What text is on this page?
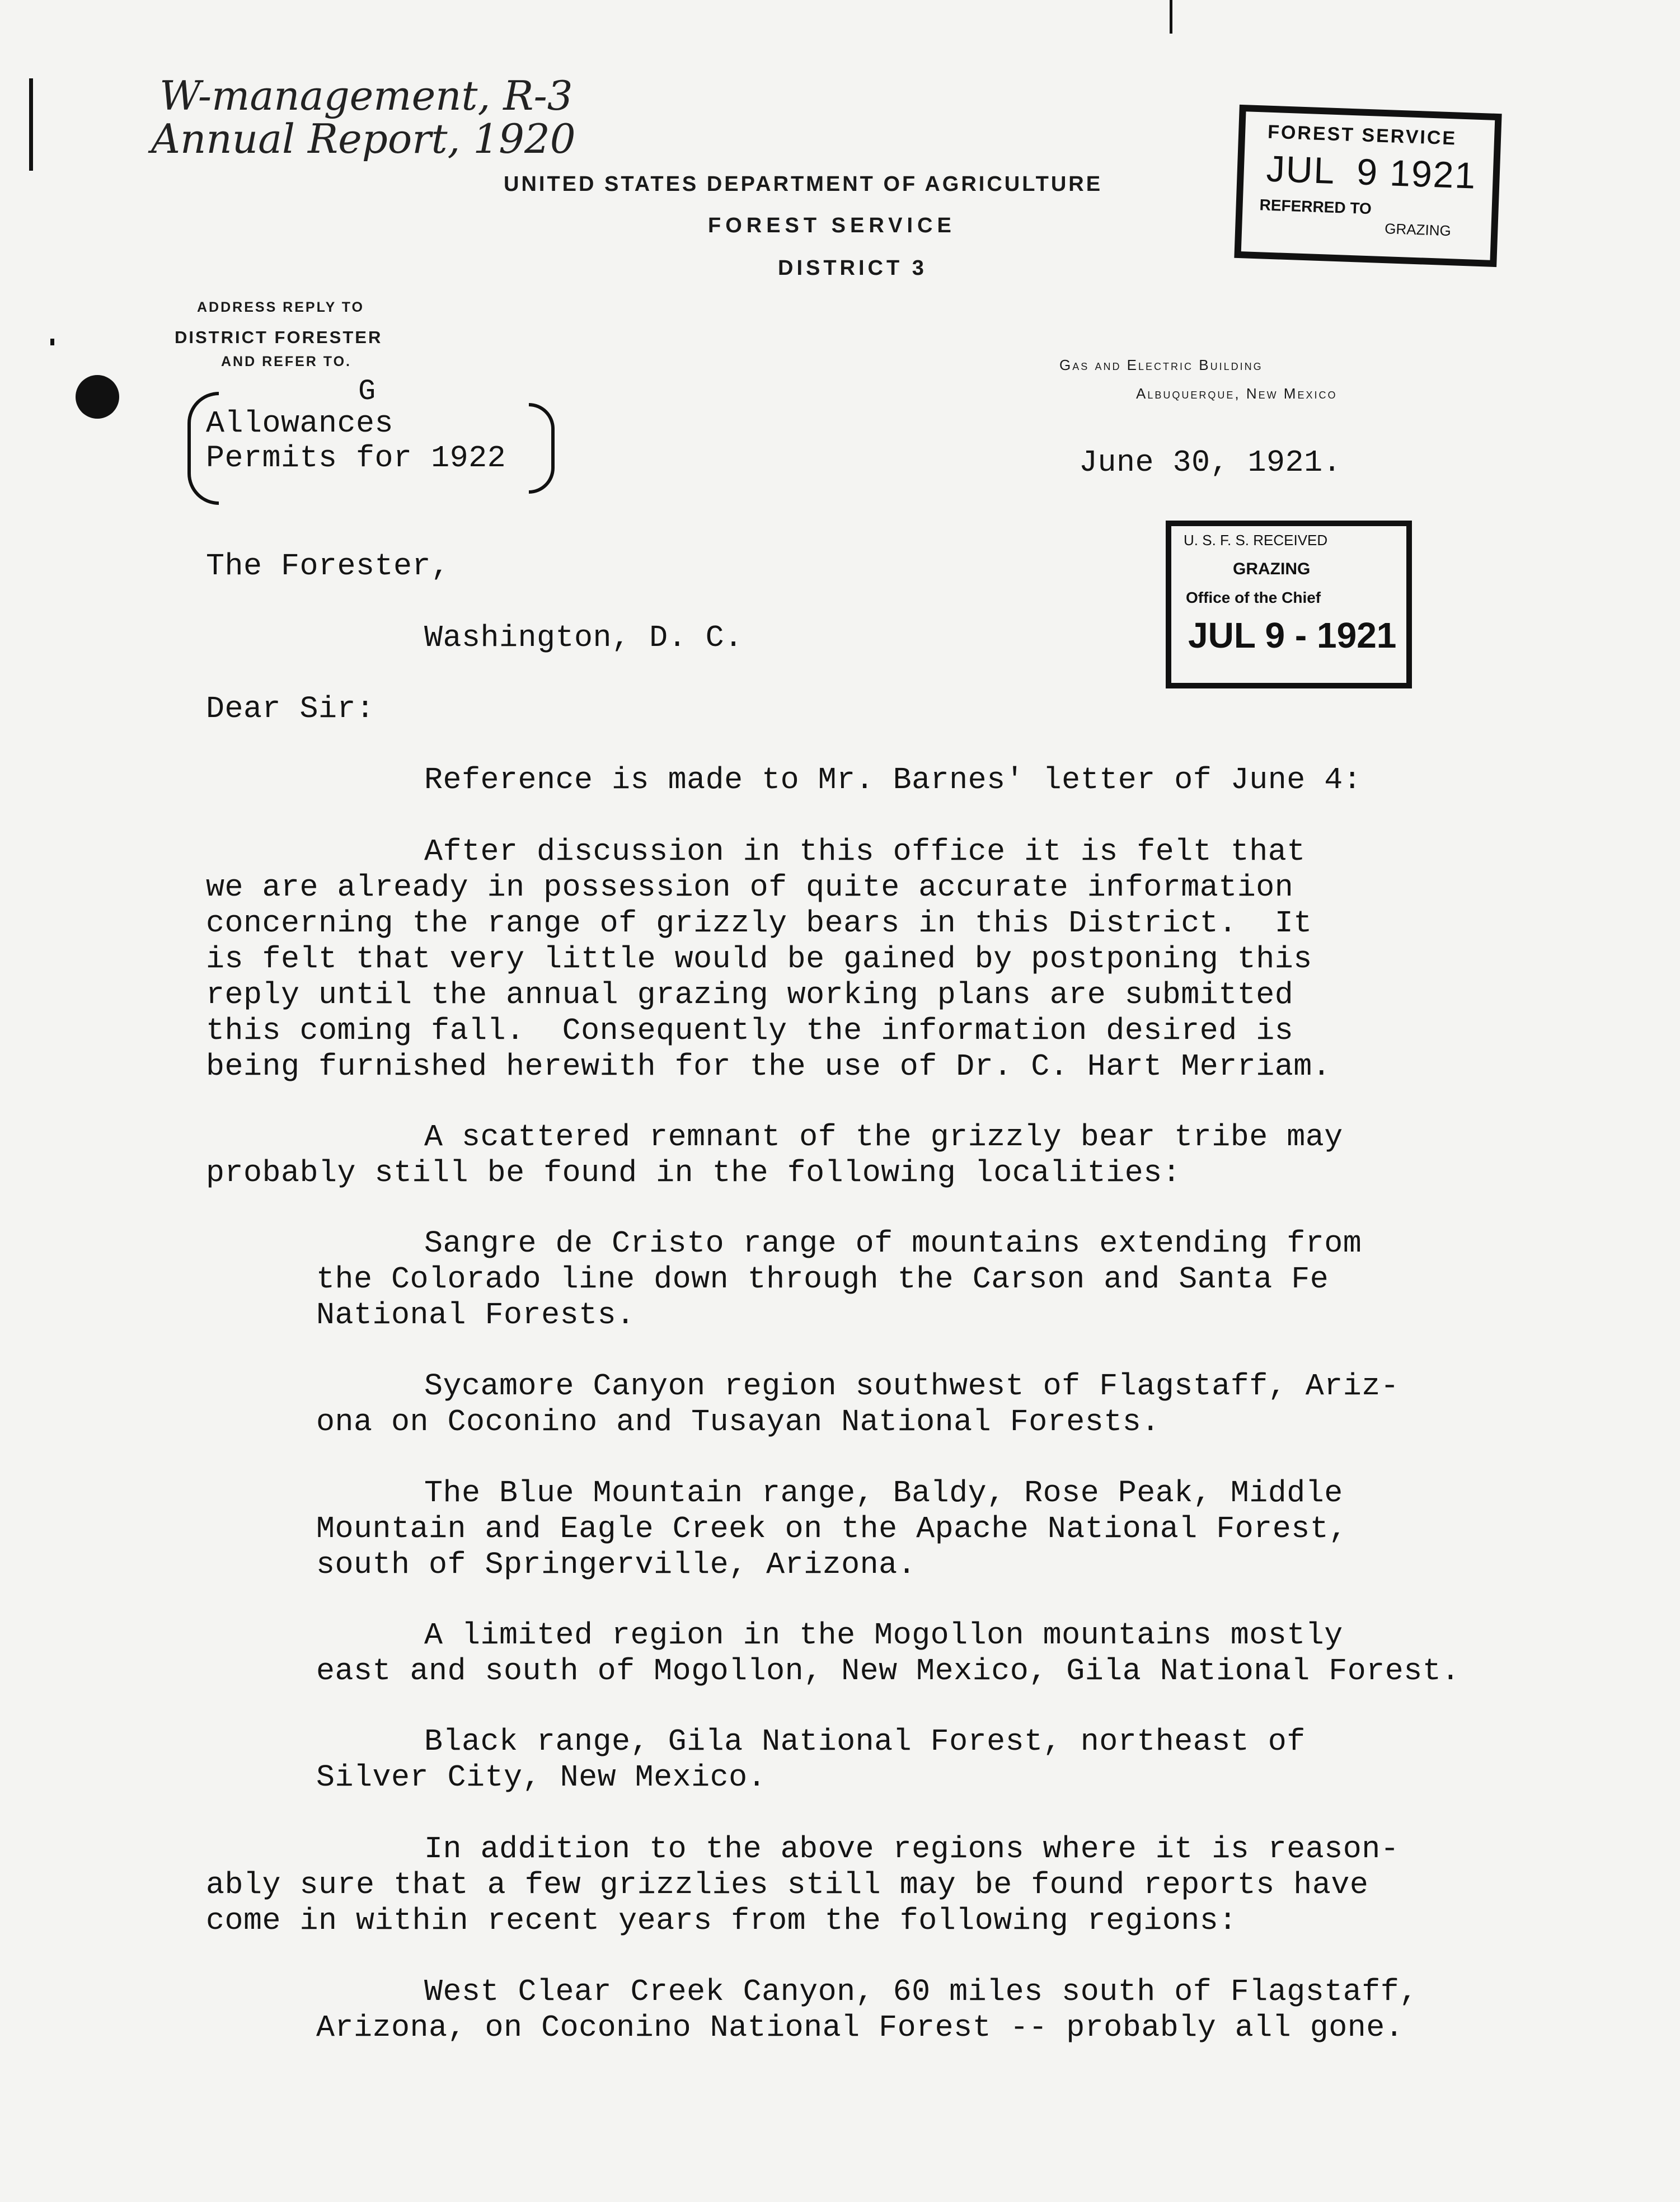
W-management, R-3
Annual Report, 1920
UNITED STATES DEPARTMENT OF AGRICULTURE
FOREST SERVICE
DISTRICT 3
ADDRESS REPLY TO
DISTRICT FORESTER
AND REFER TO.	Gas and Electric Building
Albuquerque, New Mexico
FOREST SERVICE
JUL  9 1921
REFERRED TO
GRAZING
G
Allowances
Permits for 1922	June 30, 1921.
U. S. F. S. RECEIVED
GRAZING
Office of the Chief
JUL 9 - 1921
The Forester,
Washington, D. C.
Dear Sir:
Reference is made to Mr. Barnes' letter of June 4:
After discussion in this office it is felt that
we are already in possession of quite accurate information
concerning the range of grizzly bears in this District.  It
is felt that very little would be gained by postponing this
reply until the annual grazing working plans are submitted
this coming fall.  Consequently the information desired is
being furnished herewith for the use of Dr. C. Hart Merriam.
A scattered remnant of the grizzly bear tribe may
probably still be found in the following localities:
Sangre de Cristo range of mountains extending from
the Colorado line down through the Carson and Santa Fe
National Forests.
Sycamore Canyon region southwest of Flagstaff, Ariz-
ona on Coconino and Tusayan National Forests.
The Blue Mountain range, Baldy, Rose Peak, Middle
Mountain and Eagle Creek on the Apache National Forest,
south of Springerville, Arizona.
A limited region in the Mogollon mountains mostly
east and south of Mogollon, New Mexico, Gila National Forest.
Black range, Gila National Forest, northeast of
Silver City, New Mexico.
In addition to the above regions where it is reason-
ably sure that a few grizzlies still may be found reports have
come in within recent years from the following regions:
West Clear Creek Canyon, 60 miles south of Flagstaff,
Arizona, on Coconino National Forest -- probably all gone.
